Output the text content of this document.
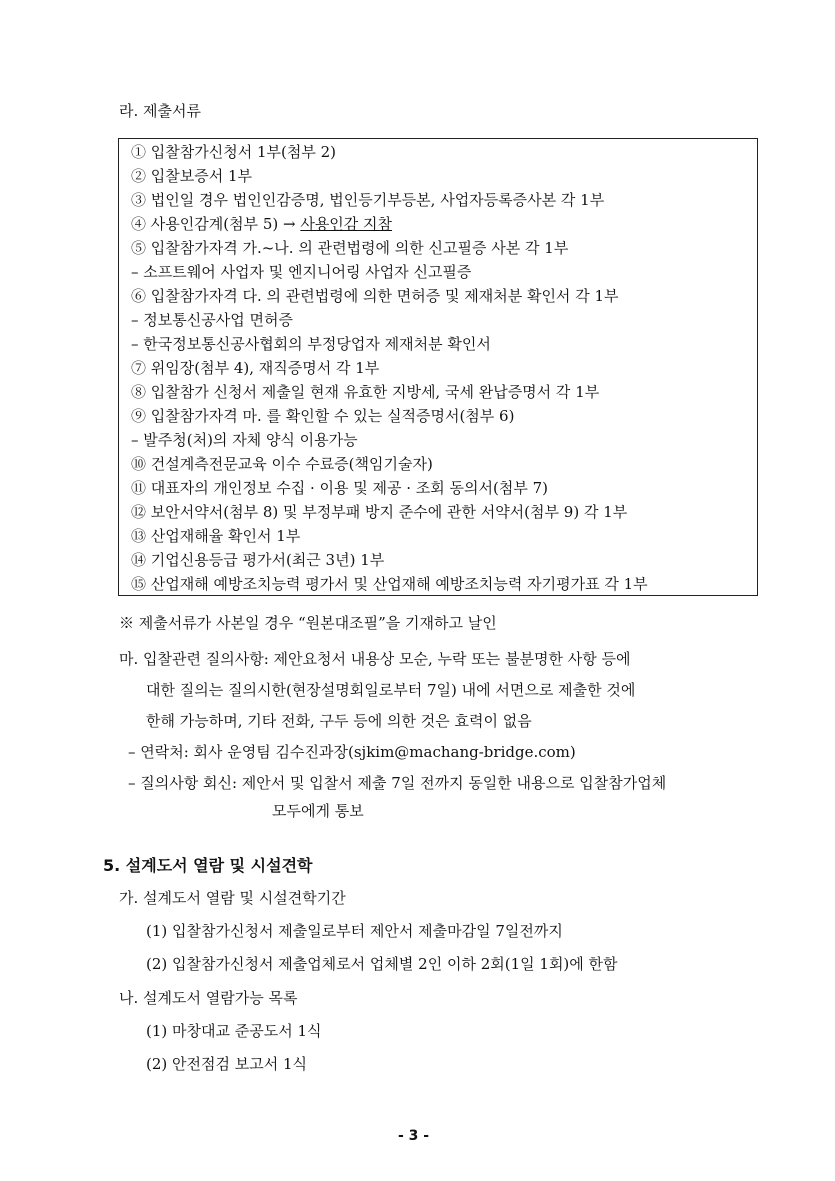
라. 제출서류
① 입찰참가신청서 1부(첨부 2)
② 입찰보증서 1부
③ 법인일 경우 법인인감증명, 법인등기부등본, 사업자등록증사본 각 1부
④ 사용인감계(첨부 5) → 사용인감 지참
⑤ 입찰참가자격 가.~나. 의 관련법령에 의한 신고필증 사본 각 1부
– 소프트웨어 사업자 및 엔지니어링 사업자 신고필증
⑥ 입찰참가자격 다. 의 관련법령에 의한 면허증 및 제재처분 확인서 각 1부
– 정보통신공사업 면허증
– 한국정보통신공사협회의 부정당업자 제재처분 확인서
⑦ 위임장(첨부 4), 재직증명서 각 1부
⑧ 입찰참가 신청서 제출일 현재 유효한 지방세, 국세 완납증명서 각 1부
⑨ 입찰참가자격 마. 를 확인할 수 있는 실적증명서(첨부 6)
– 발주청(처)의 자체 양식 이용가능
⑩ 건설계측전문교육 이수 수료증(책임기술자)
⑪ 대표자의 개인정보 수집 · 이용 및 제공 · 조회 동의서(첨부 7)
⑫ 보안서약서(첨부 8) 및 부정부패 방지 준수에 관한 서약서(첨부 9) 각 1부
⑬ 산업재해율 확인서 1부
⑭ 기업신용등급 평가서(최근 3년) 1부
⑮ 산업재해 예방조치능력 평가서 및 산업재해 예방조치능력 자기평가표 각 1부
※ 제출서류가 사본일 경우 “원본대조필”을 기재하고 날인
마. 입찰관련 질의사항: 제안요청서 내용상 모순, 누락 또는 불분명한 사항 등에
대한 질의는 질의시한(현장설명회일로부터 7일) 내에 서면으로 제출한 것에
한해 가능하며, 기타 전화, 구두 등에 의한 것은 효력이 없음
– 연락처: 회사 운영팀 김수진과장(sjkim@machang-bridge.com)
– 질의사항 회신: 제안서 및 입찰서 제출 7일 전까지 동일한 내용으로 입찰참가업체
모두에게 통보
5. 설계도서 열람 및 시설견학
가. 설계도서 열람 및 시설견학기간
(1) 입찰참가신청서 제출일로부터 제안서 제출마감일 7일전까지
(2) 입찰참가신청서 제출업체로서 업체별 2인 이하 2회(1일 1회)에 한함
나. 설계도서 열람가능 목록
(1) 마창대교 준공도서 1식
(2) 안전점검 보고서 1식
- 3 -
